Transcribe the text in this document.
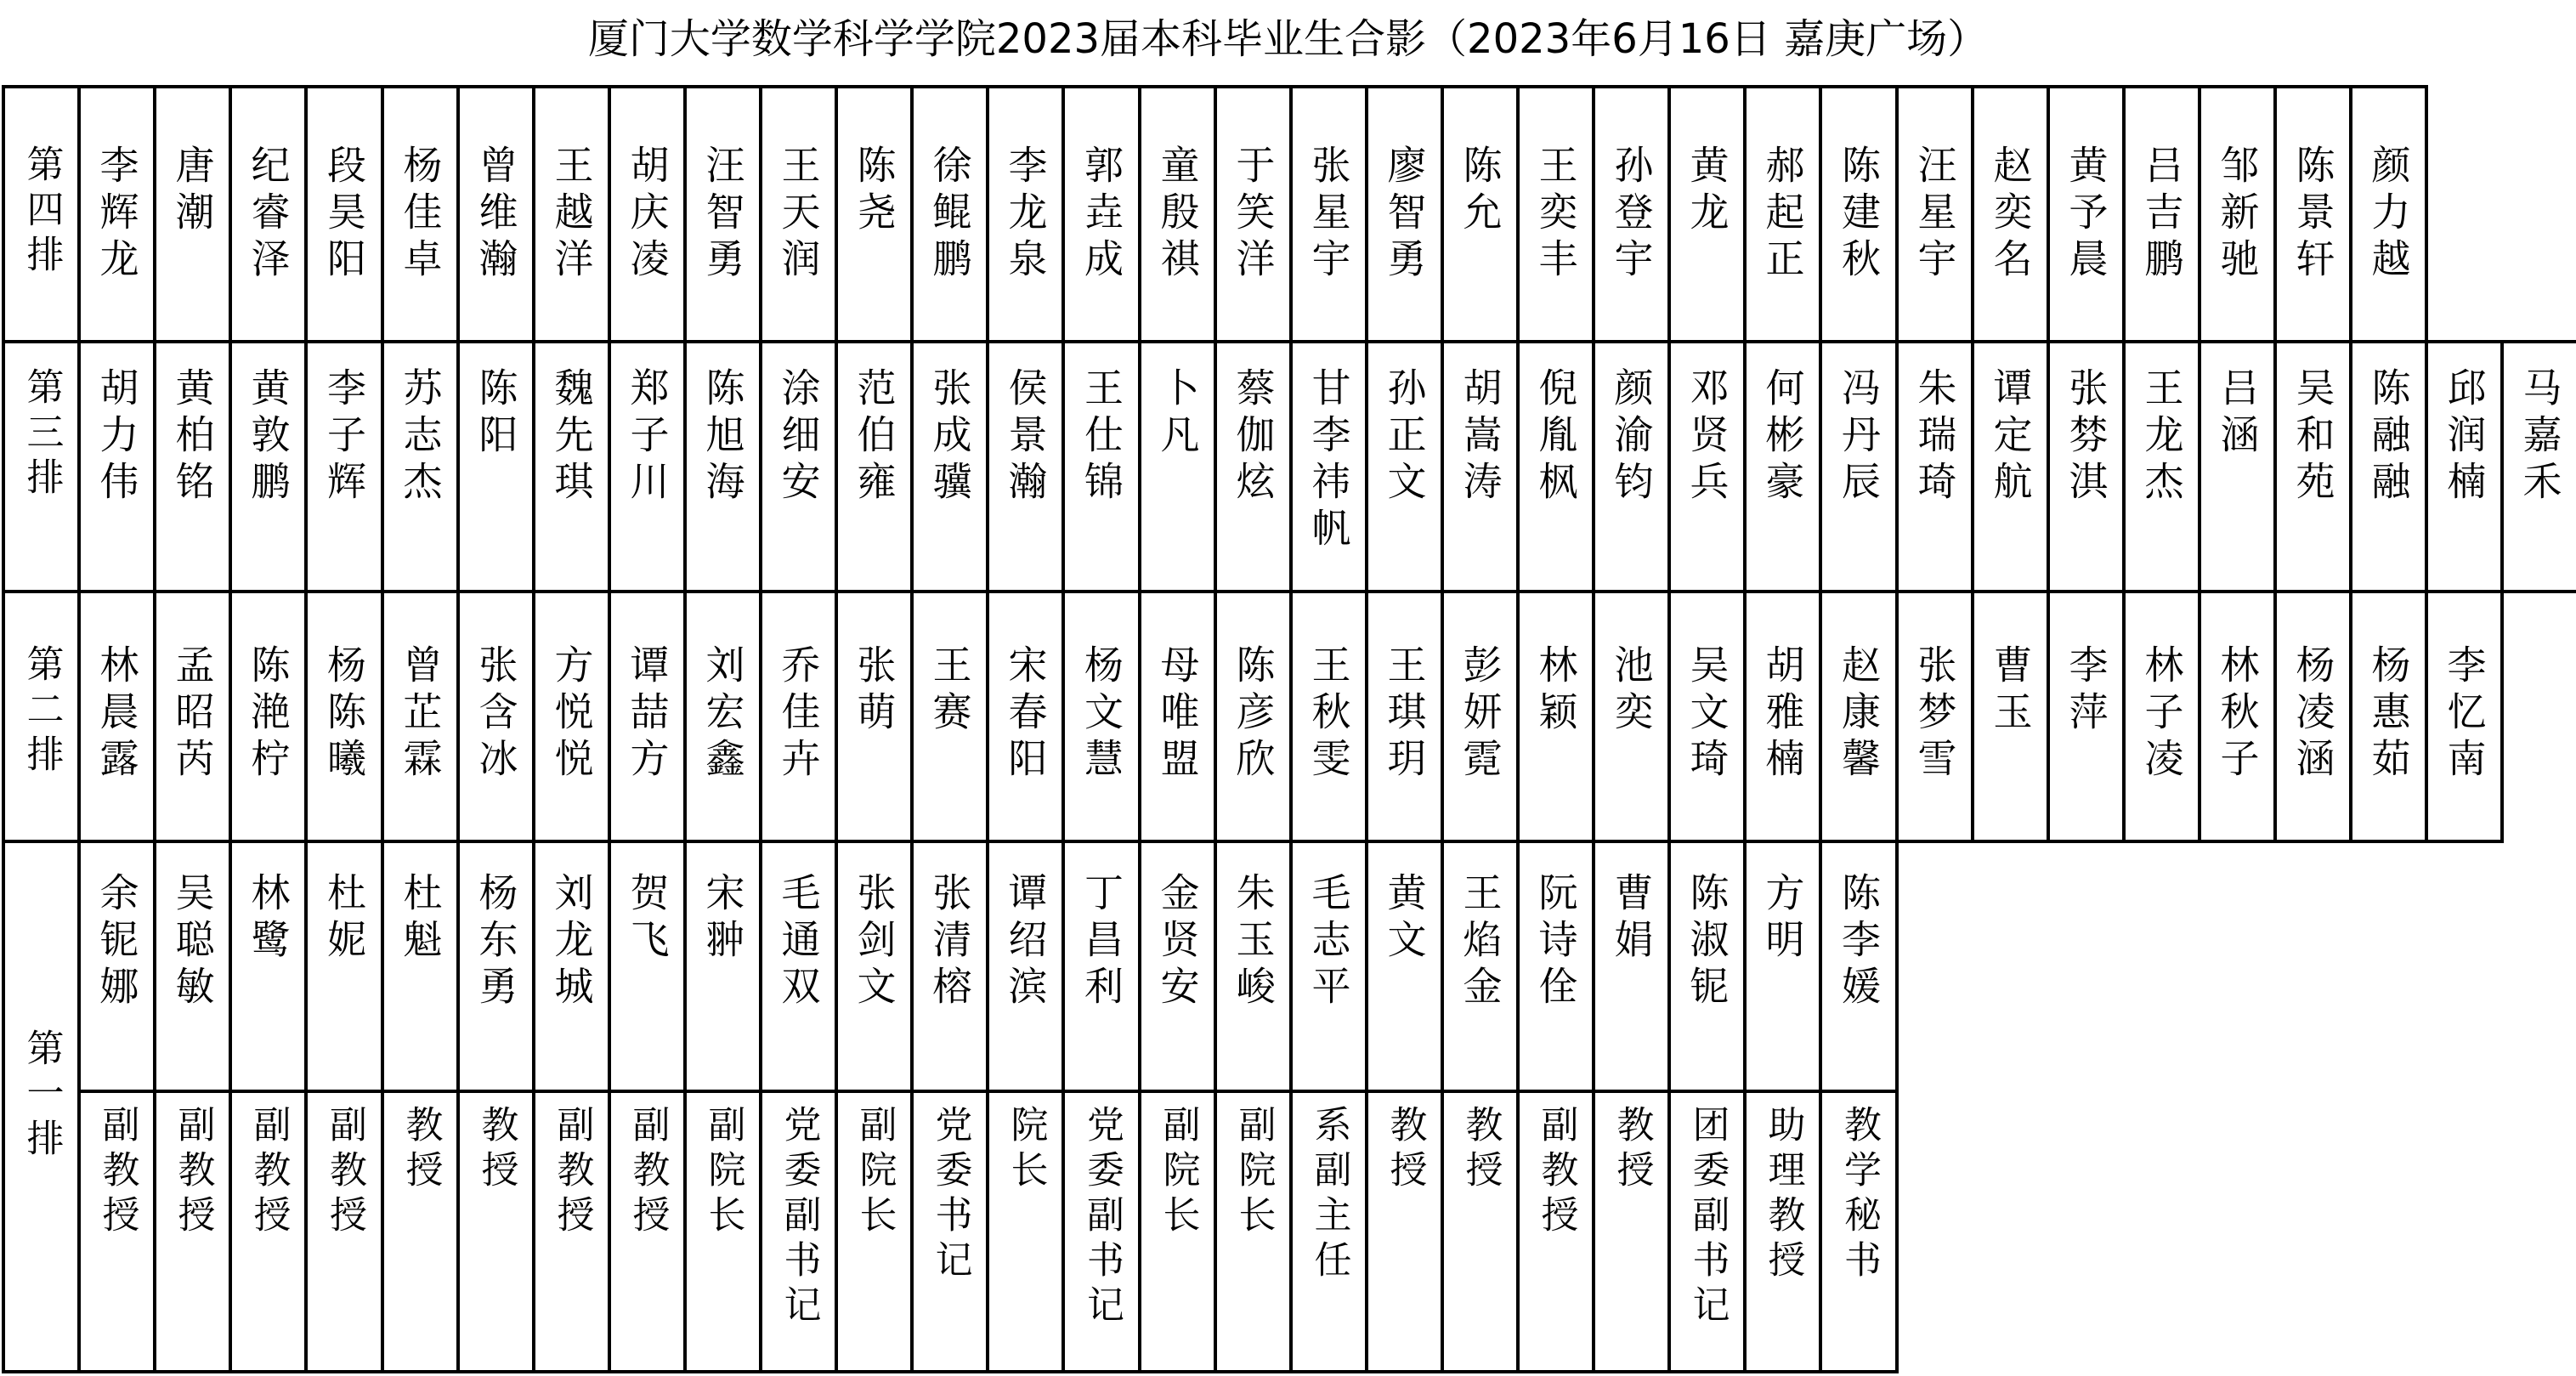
厦门大学数学科学学院2023届本科毕业生合影（2023年6月16日 嘉庚广场）
第四排 李辉龙 唐潮 纪睿泽 段昊阳 杨佳卓 曾维瀚 王越洋 胡庆凌 汪智勇 王天润 陈尧 徐鲲鹏 李龙泉 郭垚成 童殷祺 于笑洋 张星宇 廖智勇 陈允 王奕丰 孙登宇 黄龙 郝起正 陈建秋 汪星宇 赵奕名 黄予晨 吕吉鹏 邹新驰 陈景轩 颜力越
第三排 胡力伟 黄柏铭 黄敦鹏 李子辉 苏志杰 陈阳 魏先琪 郑子川 陈旭海 涂细安 范伯雍 张成骥 侯景瀚 王仕锦 卜凡 蔡伽炫 甘李祎帆 孙正文 胡嵩涛 倪胤枫 颜渝钧 邓贤兵 何彬豪 冯丹辰 朱瑞琦 谭定航 张棼淇 王龙杰 吕涵 吴和苑 陈融融 邱润楠 马嘉禾
第二排 林晨露 孟昭芮 陈滟柠 杨陈曦 曾芷霖 张含冰 方悦悦 谭喆方 刘宏鑫 乔佳卉 张萌 王赛 宋春阳 杨文慧 母唯盟 陈彦欣 王秋雯 王琪玥 彭妍霓 林颖 池奕 吴文琦 胡雅楠 赵康馨 张梦雪 曹玉 李萍 林子凌 林秋子 杨凌涵 杨惠茹 李忆南
第一排
余铌娜
副教授
吴聪敏
副教授
林鹭
副教授
杜妮
副教授
杜魁
教授
杨东勇
教授
刘龙城
副教授
贺飞
副教授
宋翀
副院长
毛通双
党委副书记
张剑文
副院长
张清榕
党委书记
谭绍滨
院长
丁昌利
党委副书记
金贤安
副院长
朱玉峻
副院长
毛志平
系副主任
黄文
教授
王焰金
教授
阮诗佺
副教授
曹娟
教授
陈淑铌
团委副书记
方明
助理教授
陈李媛
教学秘书
